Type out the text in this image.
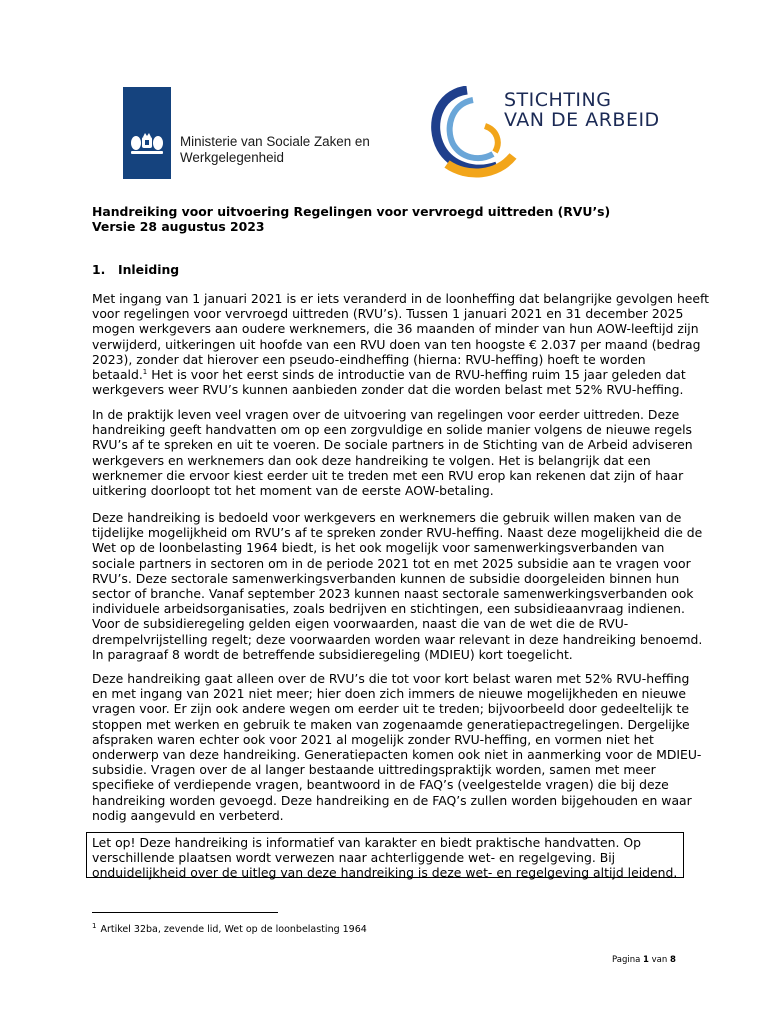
Ministerie van Sociale Zaken en
Werkgelegenheid
STICHTING
VAN DE ARBEID
Handreiking voor uitvoering Regelingen voor vervroegd uittreden (RVU’s)
Versie 28 augustus 2023
1. Inleiding
Met ingang van 1 januari 2021 is er iets veranderd in de loonheffing dat belangrijke gevolgen heeft
voor regelingen voor vervroegd uittreden (RVU’s). Tussen 1 januari 2021 en 31 december 2025
mogen werkgevers aan oudere werknemers, die 36 maanden of minder van hun AOW-leeftijd zijn
verwijderd, uitkeringen uit hoofde van een RVU doen van ten hoogste € 2.037 per maand (bedrag
2023), zonder dat hierover een pseudo-eindheffing (hierna: RVU-heffing) hoeft te worden
betaald.$^1$ Het is voor het eerst sinds de introductie van de RVU-heffing ruim 15 jaar geleden dat
werkgevers weer RVU’s kunnen aanbieden zonder dat die worden belast met 52% RVU-heffing.
In de praktijk leven veel vragen over de uitvoering van regelingen voor eerder uittreden. Deze
handreiking geeft handvatten om op een zorgvuldige en solide manier volgens de nieuwe regels
RVU’s af te spreken en uit te voeren. De sociale partners in de Stichting van de Arbeid adviseren
werkgevers en werknemers dan ook deze handreiking te volgen. Het is belangrijk dat een
werknemer die ervoor kiest eerder uit te treden met een RVU erop kan rekenen dat zijn of haar
uitkering doorloopt tot het moment van de eerste AOW-betaling.
Deze handreiking is bedoeld voor werkgevers en werknemers die gebruik willen maken van de
tijdelijke mogelijkheid om RVU’s af te spreken zonder RVU-heffing. Naast deze mogelijkheid die de
Wet op de loonbelasting 1964 biedt, is het ook mogelijk voor samenwerkingsverbanden van
sociale partners in sectoren om in de periode 2021 tot en met 2025 subsidie aan te vragen voor
RVU’s. Deze sectorale samenwerkingsverbanden kunnen de subsidie doorgeleiden binnen hun
sector of branche. Vanaf september 2023 kunnen naast sectorale samenwerkingsverbanden ook
individuele arbeidsorganisaties, zoals bedrijven en stichtingen, een subsidieaanvraag indienen.
Voor de subsidieregeling gelden eigen voorwaarden, naast die van de wet die de RVU-
drempelvrijstelling regelt; deze voorwaarden worden waar relevant in deze handreiking benoemd.
In paragraaf 8 wordt de betreffende subsidieregeling (MDIEU) kort toegelicht.
Deze handreiking gaat alleen over de RVU’s die tot voor kort belast waren met 52% RVU-heffing
en met ingang van 2021 niet meer; hier doen zich immers de nieuwe mogelijkheden en nieuwe
vragen voor. Er zijn ook andere wegen om eerder uit te treden; bijvoorbeeld door gedeeltelijk te
stoppen met werken en gebruik te maken van zogenaamde generatiepactregelingen. Dergelijke
afspraken waren echter ook voor 2021 al mogelijk zonder RVU-heffing, en vormen niet het
onderwerp van deze handreiking. Generatiepacten komen ook niet in aanmerking voor de MDIEU-
subsidie. Vragen over de al langer bestaande uittredingspraktijk worden, samen met meer
specifieke of verdiepende vragen, beantwoord in de FAQ’s (veelgestelde vragen) die bij deze
handreiking worden gevoegd. Deze handreiking en de FAQ’s zullen worden bijgehouden en waar
nodig aangevuld en verbeterd.
Let op! Deze handreiking is informatief van karakter en biedt praktische handvatten. Op
verschillende plaatsen wordt verwezen naar achterliggende wet- en regelgeving. Bij
onduidelijkheid over de uitleg van deze handreiking is deze wet- en regelgeving altijd leidend.
$^1$ Artikel 32ba, zevende lid, Wet op de loonbelasting 1964
Pagina 1 van 8
